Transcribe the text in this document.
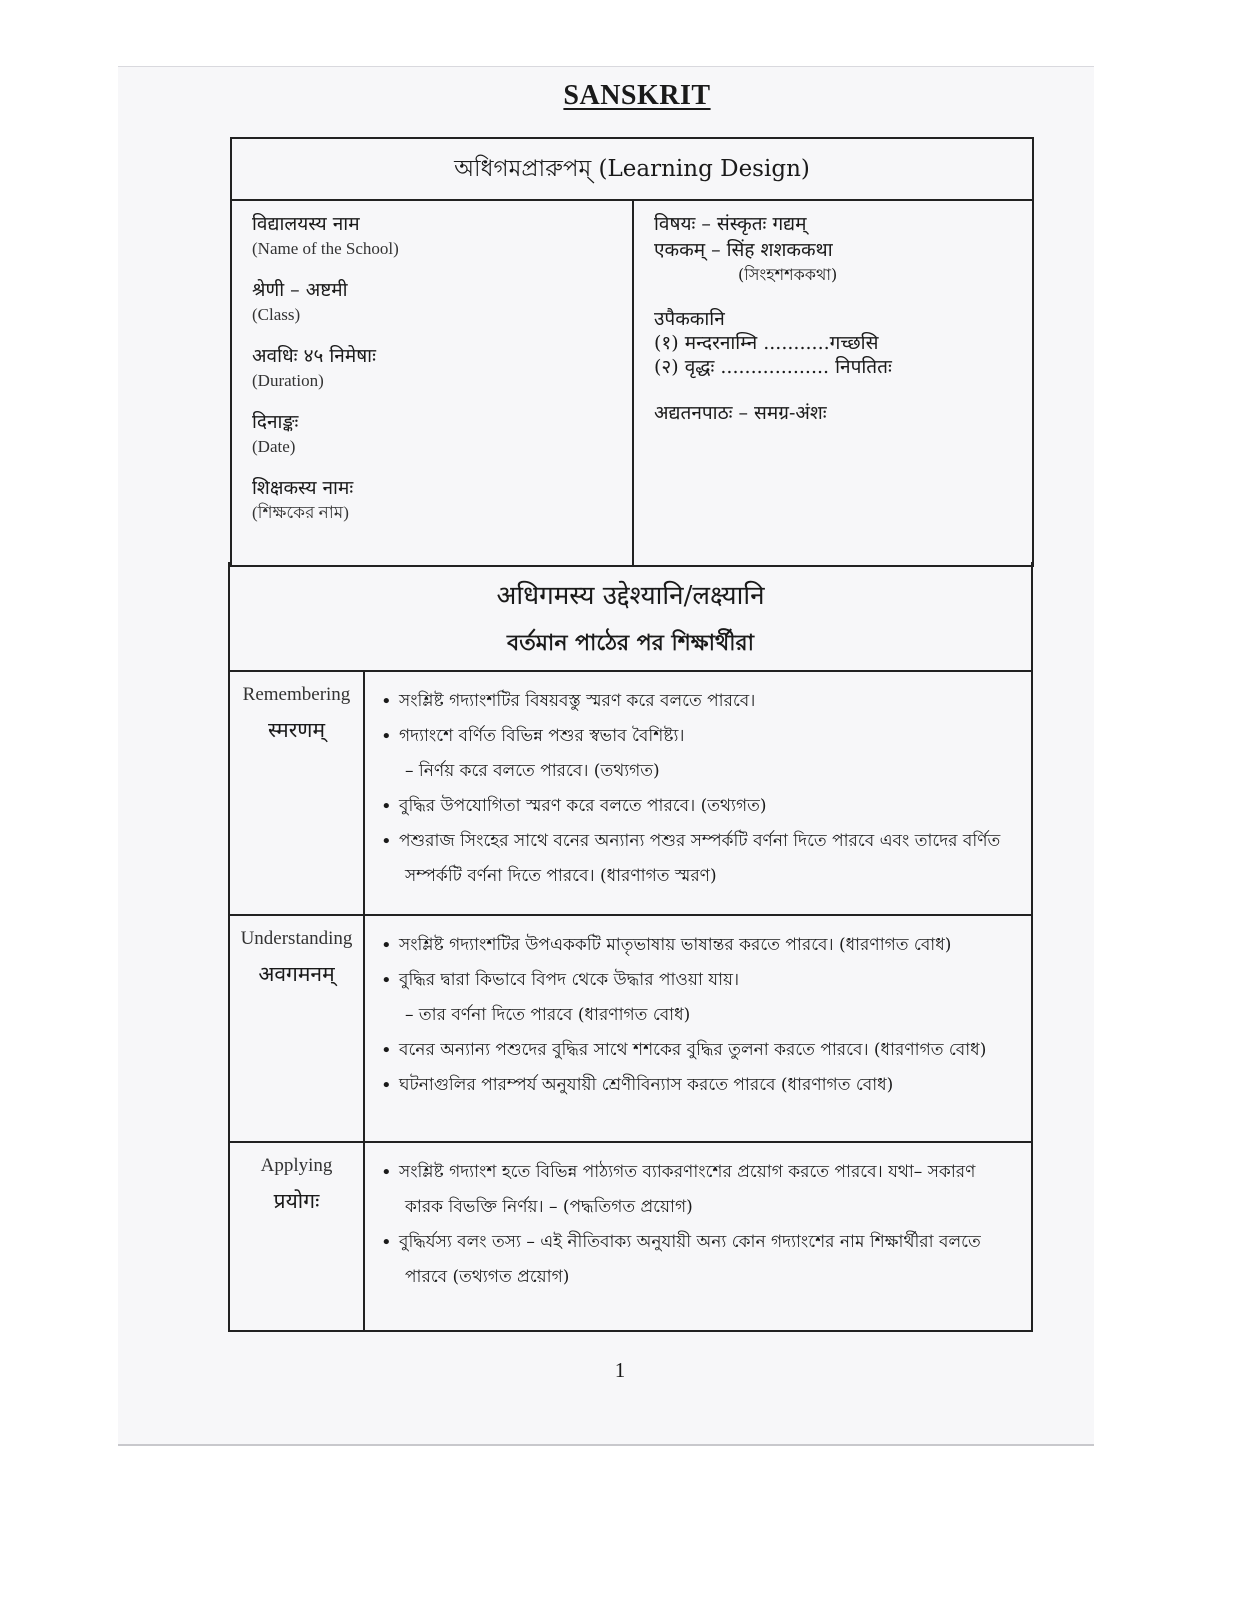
SANSKRIT
অধিগমপ্রারুপম্ (Learning Design)
विद्यालयस्य नाम
(Name of the School)
श्रेणी – अष्टमी
(Class)
अवधिः ४५ निमेषाः
(Duration)
दिनाङ्कः
(Date)
शिक्षकस्य नामः
(শিক্ষকের নাম)
विषयः – संस्कृतः गद्यम्
एककम् – सिंह शशककथा
(সিংহশশককথা)
उपैककानि
(१) मन्दरनाम्नि ...........गच्छसि
(२) वृद्धः .................. निपतितः
अद्यतनपाठः – समग्र-अंशः
अधिगमस्य उद्देश्यानि/लक्ष्यानि
বর্তমান পাঠের পর শিক্ষার্থীরা
Remembering
स्मरणम्
• সংশ্লিষ্ট গদ্যাংশটির বিষয়বস্তু স্মরণ করে বলতে পারবে।
• গদ্যাংশে বর্ণিত বিভিন্ন পশুর স্বভাব বৈশিষ্ট্য।
– নির্ণয় করে বলতে পারবে। (তথ্যগত)
• বুদ্ধির উপযোগিতা স্মরণ করে বলতে পারবে। (তথ্যগত)
• পশুরাজ সিংহের সাথে বনের অন্যান্য পশুর সম্পর্কটি বর্ণনা দিতে পারবে এবং তাদের বর্ণিত
সম্পর্কটি বর্ণনা দিতে পারবে। (ধারণাগত স্মরণ)
Understanding
अवगमनम्
• সংশ্লিষ্ট গদ্যাংশটির উপএককটি মাতৃভাষায় ভাষান্তর করতে পারবে। (ধারণাগত বোধ)
• বুদ্ধির দ্বারা কিভাবে বিপদ থেকে উদ্ধার পাওয়া যায়।
– তার বর্ণনা দিতে পারবে (ধারণাগত বোধ)
• বনের অন্যান্য পশুদের বুদ্ধির সাথে শশকের বুদ্ধির তুলনা করতে পারবে। (ধারণাগত বোধ)
• ঘটনাগুলির পারম্পর্য অনুযায়ী শ্রেণীবিন্যাস করতে পারবে (ধারণাগত বোধ)
Applying
प्रयोगः
• সংশ্লিষ্ট গদ্যাংশ হতে বিভিন্ন পাঠ্যগত ব্যাকরণাংশের প্রয়োগ করতে পারবে। যথা– সকারণ
কারক বিভক্তি নির্ণয়। – (পদ্ধতিগত প্রয়োগ)
• বুদ্ধির্যস্য বলং তস্য – এই নীতিবাক্য অনুযায়ী অন্য কোন গদ্যাংশের নাম শিক্ষার্থীরা বলতে
পারবে (তথ্যগত প্রয়োগ)
1
